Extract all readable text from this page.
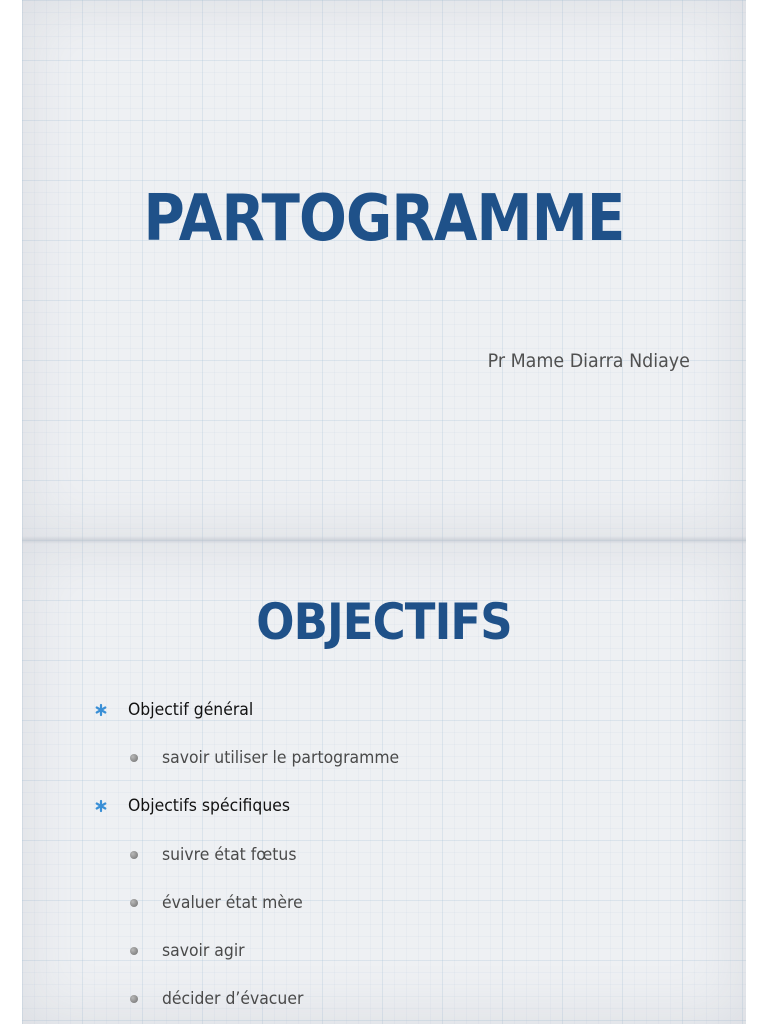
PARTOGRAMME
Pr Mame Diarra Ndiaye
OBJECTIFS
Objectif général
savoir utiliser le partogramme
Objectifs spécifiques
suivre état fœtus
évaluer état mère
savoir agir
décider d’évacuer
